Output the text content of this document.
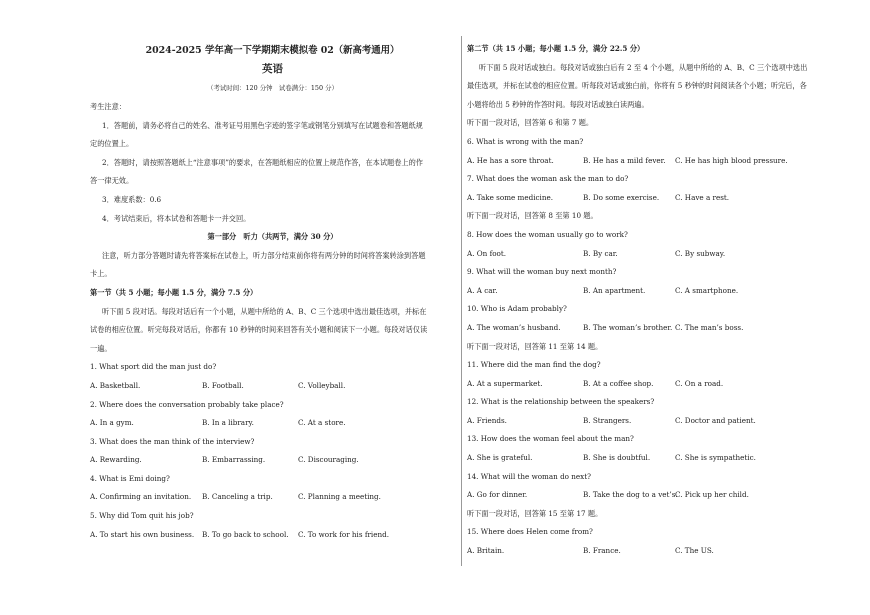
2024-2025 学年高一下学期期末模拟卷 02（新高考通用）
英语
（考试时间：120 分钟　试卷满分：150 分）

考生注意：

1．答题前，请务必将自己的姓名、准考证号用黑色字迹的签字笔或钢笔分别填写在试题卷和答题纸规

定的位置上。

2．答题时，请按照答题纸上“注意事项”的要求，在答题纸相应的位置上规范作答，在本试题卷上的作

答一律无效。

3．难度系数：0.6

4．考试结束后，将本试卷和答题卡一并交回。

第一部分　听力（共两节，满分 30 分）

注意，听力部分答题时请先将答案标在试卷上，听力部分结束前你将有两分钟的时间将答案转涂到答题

卡上。

第一节（共 5 小题；每小题 1.5 分，满分 7.5 分）

听下面 5 段对话。每段对话后有一个小题，从题中所给的 A、B、C 三个选项中选出最佳选项，并标在

试卷的相应位置。听完每段对话后，你都有 10 秒钟的时间来回答有关小题和阅读下一小题。每段对话仅读

一遍。

1. What sport did the man just do?

A. Basketball.	B. Football.	C. Volleyball.

2. Where does the conversation probably take place?

A. In a gym.	B. In a library.	C. At a store.

3. What does the man think of the interview?

A. Rewarding.	B. Embarrassing.	C. Discouraging.

4. What is Emi doing?

A. Confirming an invitation.	B. Canceling a trip.	C. Planning a meeting.

5. Why did Tom quit his job?

A. To start his own business.	B. To go back to school.	C. To work for his friend.

第二节（共 15 小题；每小题 1.5 分，满分 22.5 分）

听下面 5 段对话或独白。每段对话或独白后有 2 至 4 个小题，从题中所给的 A、B、C 三个选项中选出

最佳选项，并标在试卷的相应位置。听每段对话或独白前，你将有 5 秒钟的时间阅读各个小题；听完后，各

小题将给出 5 秒钟的作答时间。每段对话或独白读两遍。

听下面一段对话，回答第 6 和第 7 题。

6. What is wrong with the man?

A. He has a sore throat.	B. He has a mild fever.	C. He has high blood pressure.

7. What does the woman ask the man to do?

A. Take some medicine.	B. Do some exercise.	C. Have a rest.

听下面一段对话，回答第 8 至第 10 题。

8. How does the woman usually go to work?

A. On foot.	B. By car.	C. By subway.

9. What will the woman buy next month?

A. A car.	B. An apartment.	C. A smartphone.

10. Who is Adam probably?

A. The woman’s husband.	B. The woman’s brother. C. The man’s boss.

听下面一段对话，回答第 11 至第 14 题。

11. Where did the man find the dog?

A. At a supermarket.	B. At a coffee shop.	C. On a road.

12. What is the relationship between the speakers?

A. Friends.	B. Strangers.	C. Doctor and patient.

13. How does the woman feel about the man?

A. She is grateful.	B. She is doubtful.	C. She is sympathetic.

14. What will the woman do next?

A. Go for dinner.	B. Take the dog to a vet’s.
C. Pick up her child.

听下面一段对话，回答第 15 至第 17 题。

15. Where does Helen come from?

A. Britain.	B. France.	C. The US.
